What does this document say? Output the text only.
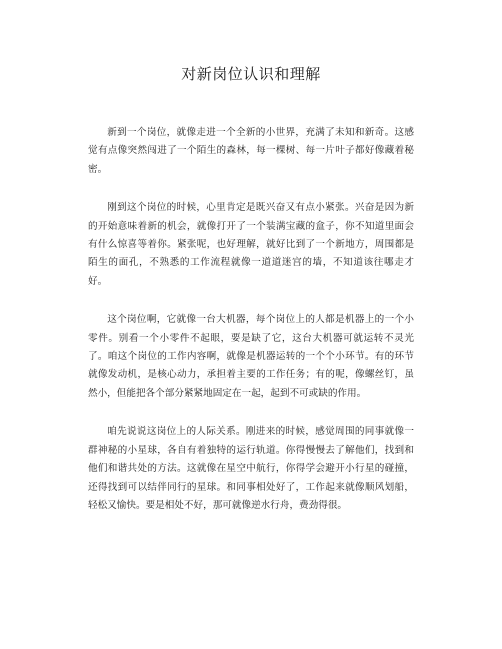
对新岗位认识和理解

新到一个岗位，就像走进一个全新的小世界，充满了未知和新奇。这感觉有点像突然闯进了一个陌生的森林，每一棵树、每一片叶子都好像藏着秘密。

刚到这个岗位的时候，心里肯定是既兴奋又有点小紧张。兴奋是因为新的开始意味着新的机会，就像打开了一个装满宝藏的盒子，你不知道里面会有什么惊喜等着你。紧张呢，也好理解，就好比到了一个新地方，周围都是陌生的面孔，不熟悉的工作流程就像一道道迷宫的墙，不知道该往哪走才好。

这个岗位啊，它就像一台大机器，每个岗位上的人都是机器上的一个小零件。别看一个小零件不起眼，要是缺了它，这台大机器可就运转不灵光了。咱这个岗位的工作内容啊，就像是机器运转的一个个小环节。有的环节就像发动机，是核心动力，承担着主要的工作任务；有的呢，像螺丝钉，虽然小，但能把各个部分紧紧地固定在一起，起到不可或缺的作用。

咱先说说这岗位上的人际关系。刚进来的时候，感觉周围的同事就像一群神秘的小星球，各自有着独特的运行轨道。你得慢慢去了解他们，找到和他们和谐共处的方法。这就像在星空中航行，你得学会避开小行星的碰撞，还得找到可以结伴同行的星球。和同事相处好了，工作起来就像顺风划船，轻松又愉快。要是相处不好，那可就像逆水行舟，费劲得很。
